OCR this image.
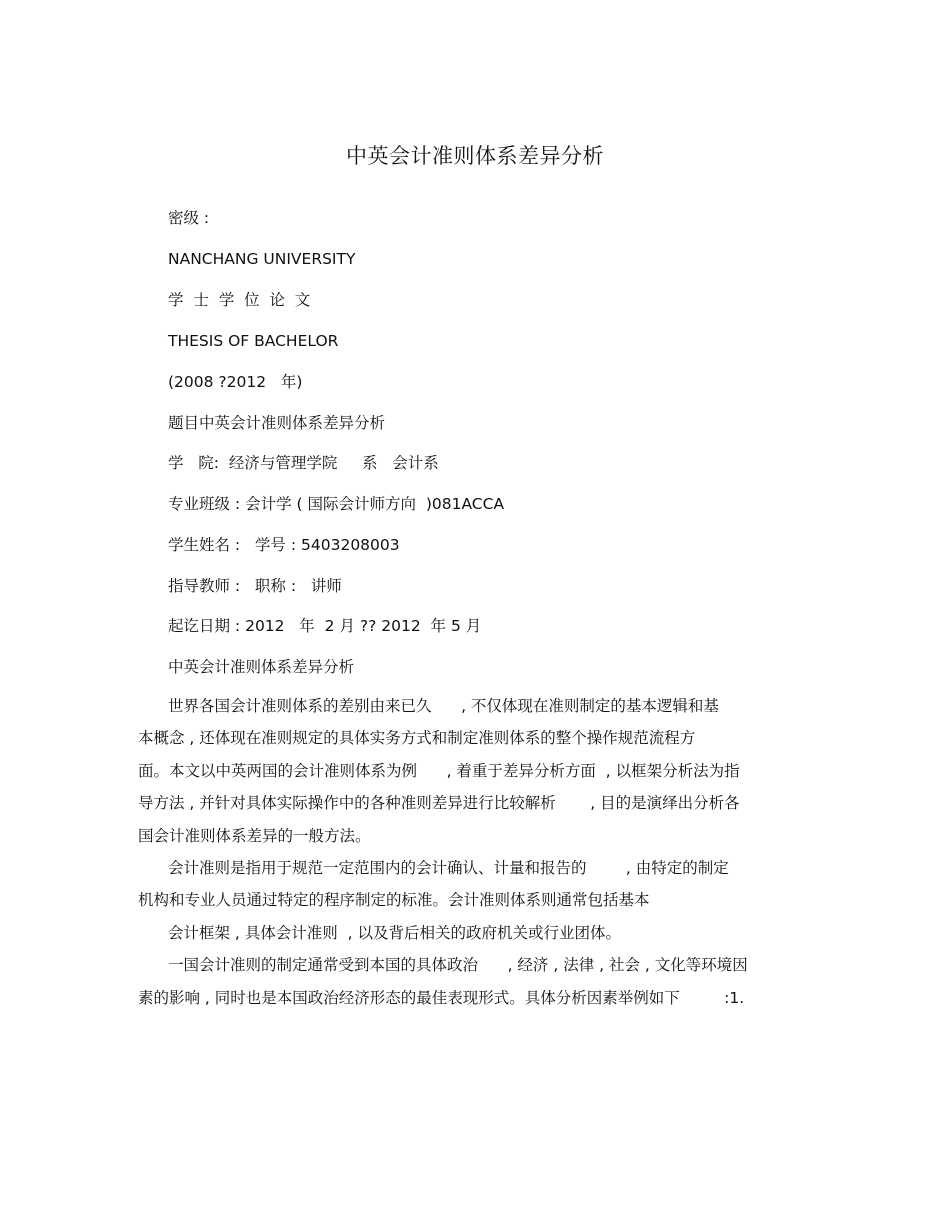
中英会计准则体系差异分析
密级 :
NANCHANG UNIVERSITY
学  士  学  位  论  文
THESIS OF BACHELOR
(2008 ?2012   年)
题目中英会计准则体系差异分析
学   院:  经济与管理学院     系   会计系
专业班级 : 会计学 ( 国际会计师方向  )081ACCA
学生姓名 :   学号 : 5403208003
指导教师 :   职称 :   讲师
起讫日期 : 2012   年  2 月 ?? 2012  年 5 月
中英会计准则体系差异分析
世界各国会计准则体系的差别由来已久      , 不仅体现在准则制定的基本逻辑和基
本概念 , 还体现在准则规定的具体实务方式和制定准则体系的整个操作规范流程方
面。本文以中英两国的会计准则体系为例      , 着重于差异分析方面  , 以框架分析法为指
导方法 , 并针对具体实际操作中的各种准则差异进行比较解析       , 目的是演绎出分析各
国会计准则体系差异的一般方法。
会计准则是指用于规范一定范围内的会计确认、计量和报告的        , 由特定的制定
机构和专业人员通过特定的程序制定的标准。会计准则体系则通常包括基本
会计框架 , 具体会计准则  , 以及背后相关的政府机关或行业团体。
一国会计准则的制定通常受到本国的具体政治      , 经济 , 法律 , 社会 , 文化等环境因
素的影响 , 同时也是本国政治经济形态的最佳表现形式。具体分析因素举例如下         :1.
